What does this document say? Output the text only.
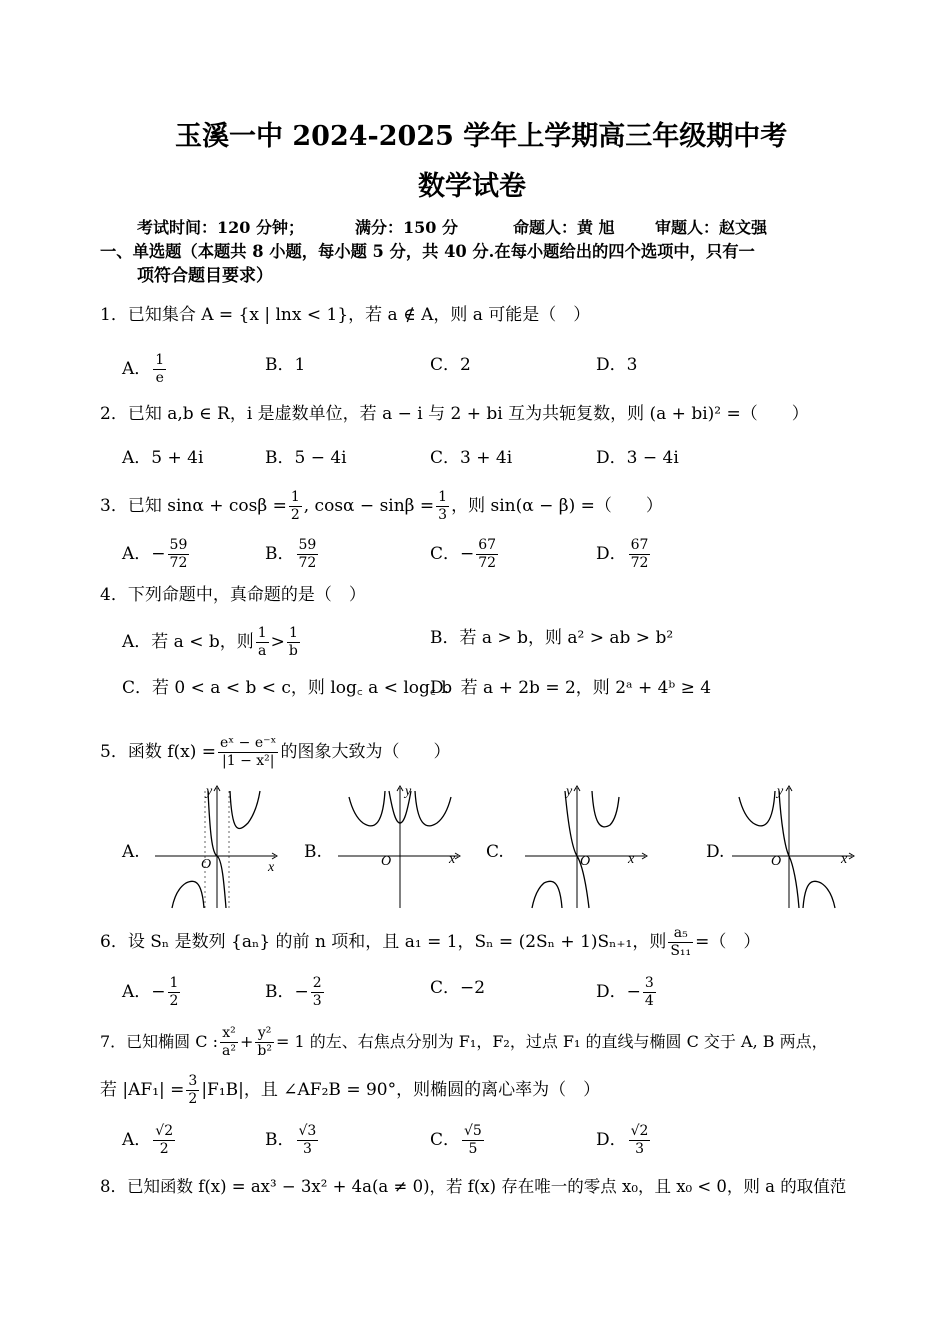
玉溪一中 2024-2025 学年上学期高三年级期中考
数学试卷
考试时间：120 分钟；	满分：150 分	命题人：黄 旭	审题人：赵文强
一、单选题（本题共 8 小题，每小题 5 分，共 40 分.在每小题给出的四个选项中，只有一
项符合题目要求）
1．已知集合 A = {x | lnx < 1}，若 a ∉ A，则 a 可能是（　）
A． $\frac{1}{e}$	B．1	C．2	D．3
2．已知 a,b ∈ R，i 是虚数单位，若 a − i 与 2 + bi 互为共轭复数，则 (a + bi)² =（　　）
A．5 + 4i	B．5 − 4i	C．3 + 4i	D．3 − 4i
3．已知 $\sin\alpha + \cos\beta = \frac{1}{2}$ , $\cos\alpha - \sin\beta = \frac{1}{3}$ ，则 sin(α − β) =（　　）
A．− $\frac{59}{72}$	B． $\frac{59}{72}$	C．− $\frac{67}{72}$	D． $\frac{67}{72}$
4．下列命题中，真命题的是（　）
A．若 a < b，则 $\frac{1}{a} > \frac{1}{b}$	B．若 a > b，则 a² > ab > b²
C．若 0 < a < b < c，则 log꜀ a < log꜀ b
D．若 a + 2b = 2，则 2ᵃ + 4ᵇ ≥ 4
5．函数 $f(x) = \frac{\text{eˣ − e⁻ˣ}}{\text{|1 − x²|}}$ 的图象大致为（　　）
A.	B.	C.	D.
x
y
O	x
y
O	x
y
O	x
y
O
6．设 Sₙ 是数列 {aₙ} 的前 n 项和，且 a₁ = 1，Sₙ = (2Sₙ + 1)Sₙ₊₁，则 $\frac{\text{a₅}}{\text{S₁₁}}$ =（　）
A．− $\frac{1}{2}$	B．− $\frac{2}{3}$	C．−2	D．− $\frac{3}{4}$
7．已知椭圆 C : $\frac{\text{x²}}{\text{a²}} + \frac{\text{y²}}{\text{b²}} = 1$ 的左、右焦点分别为 F₁，F₂，过点 F₁ 的直线与椭圆 C 交于 A, B 两点，
若 $|AF_1| = \frac{3}{2} |F_1B|$，且 ∠AF₂B = 90°，则椭圆的离心率为（　）
A． $\frac{√2}{2}$	B． $\frac{√3}{3}$	C． $\frac{√5}{5}$	D． $\frac{√2}{3}$
8．已知函数 f(x) = ax³ − 3x² + 4a(a ≠ 0)，若 f(x) 存在唯一的零点 x₀，且 x₀ < 0，则 a 的取值范
